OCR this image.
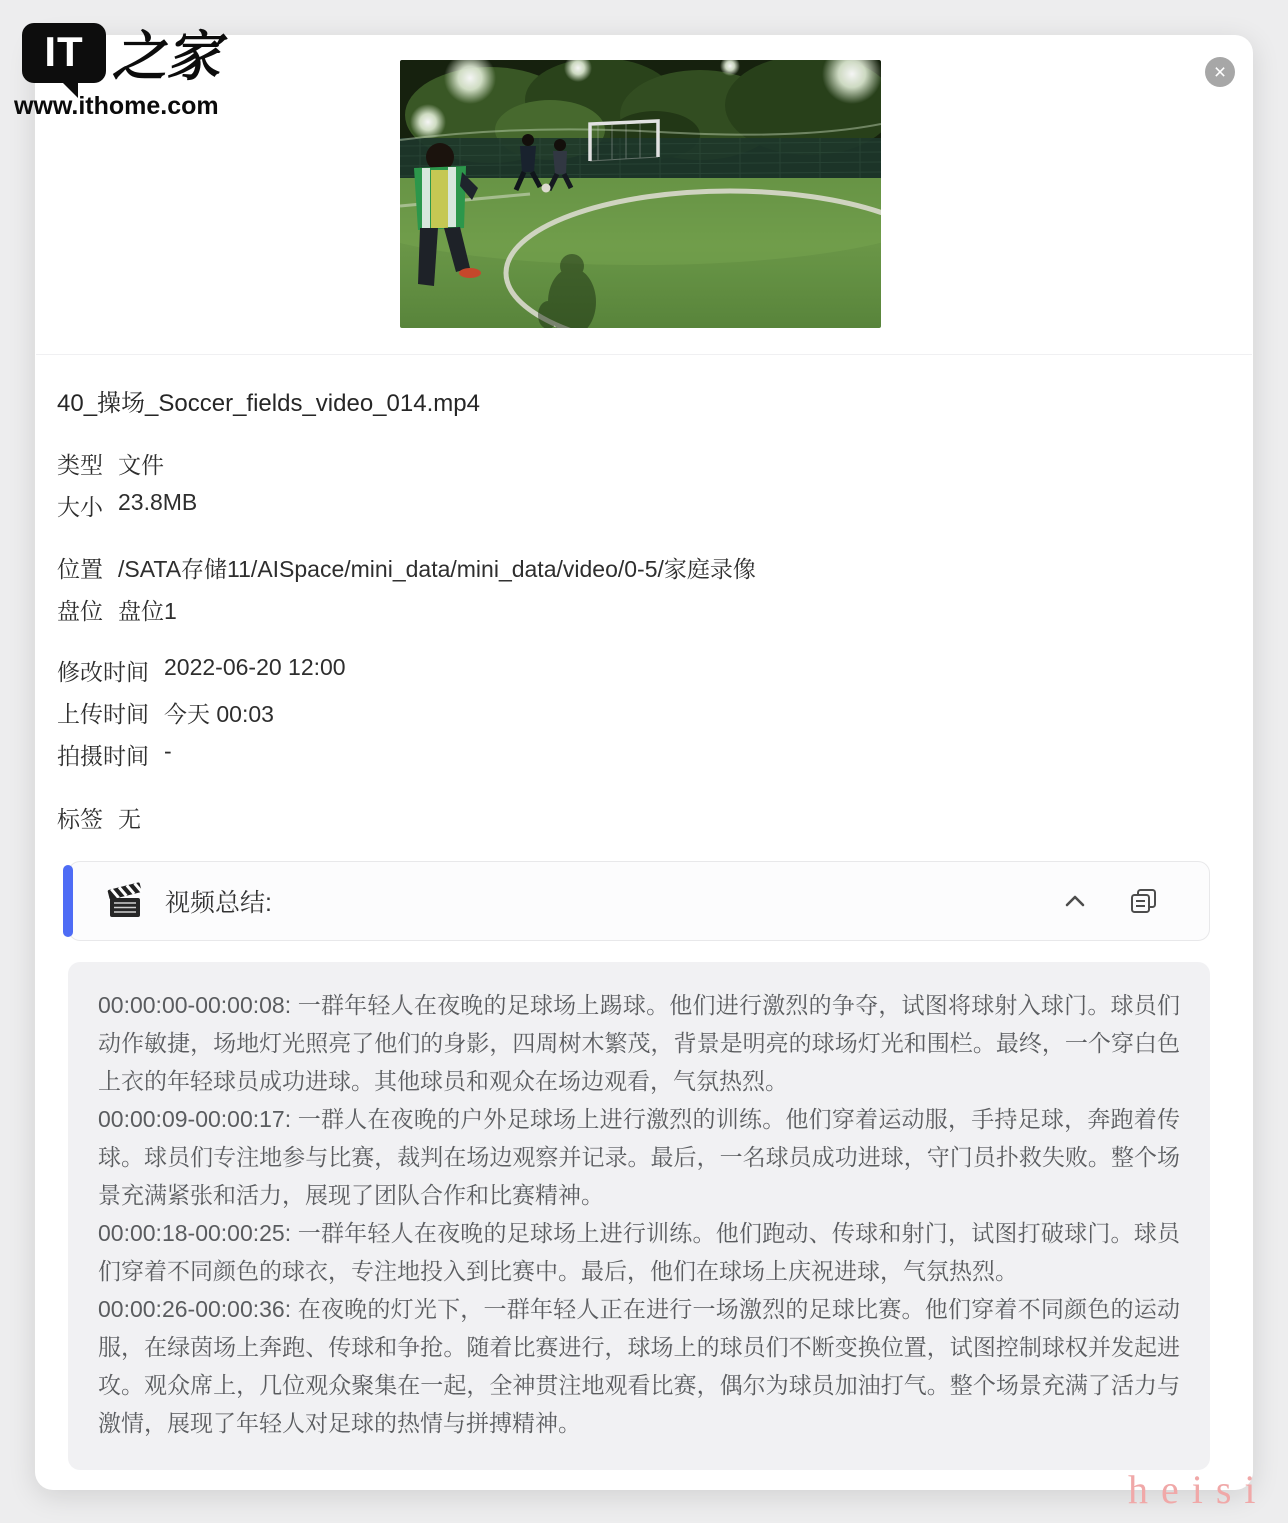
IT 之家
www.ithome.com
×
40_操场_Soccer_fields_video_014.mp4
类型 文件
大小 23.8MB
位置 /SATA存储11/AISpace/mini_data/mini_data/video/0-5/家庭录像
盘位 盘位1
修改时间 2022-06-20 12:00
上传时间 今天 00:03
拍摄时间 -
标签 无
视频总结:

00:00:00-00:00:08: 一群年轻人在夜晚的足球场上踢球。他们进行激烈的争夺，试图将球射入球门。球员们动作敏捷，场地灯光照亮了他们的身影，四周树木繁茂，背景是明亮的球场灯光和围栏。最终，一个穿白色上衣的年轻球员成功进球。其他球员和观众在场边观看，气氛热烈。

00:00:09-00:00:17: 一群人在夜晚的户外足球场上进行激烈的训练。他们穿着运动服，手持足球，奔跑着传球。球员们专注地参与比赛，裁判在场边观察并记录。最后，一名球员成功进球，守门员扑救失败。整个场景充满紧张和活力，展现了团队合作和比赛精神。

00:00:18-00:00:25: 一群年轻人在夜晚的足球场上进行训练。他们跑动、传球和射门，试图打破球门。球员们穿着不同颜色的球衣，专注地投入到比赛中。最后，他们在球场上庆祝进球，气氛热烈。

00:00:26-00:00:36: 在夜晚的灯光下，一群年轻人正在进行一场激烈的足球比赛。他们穿着不同颜色的运动服，在绿茵场上奔跑、传球和争抢。随着比赛进行，球场上的球员们不断变换位置，试图控制球权并发起进攻。观众席上，几位观众聚集在一起，全神贯注地观看比赛，偶尔为球员加油打气。整个场景充满了活力与激情，展现了年轻人对足球的热情与拼搏精神。

heisi
